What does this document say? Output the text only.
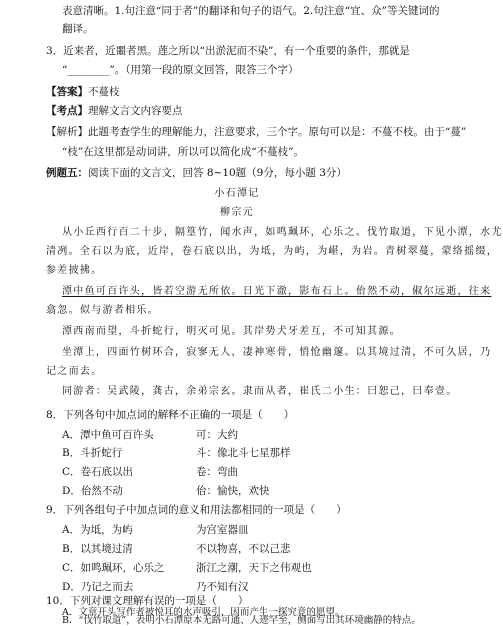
表意清晰。1.句注意“同于者”的翻译和句子的语气。2.句注意“宜、众”等关键词的
翻译。
3．近来者，近噩者黑。莲之所以“出淤泥而不染”，有一个重要的条件，那就是
“________”。（用第一段的原文回答，限答三个字）
【答案】不蔓枝
【考点】理解文言文内容要点
【解析】此题考查学生的理解能力，注意要求，三个字。原句可以是：不蔓不枝。由于“蔓”
“枝”在这里都是动词讲，所以可以简化成“不蔓枝”。
例题五：阅读下面的文言文，回答 8~10题（9分，每小题 3分）
小石潭记
柳宗元
从小丘西行百二十步，隔篁竹，闻水声，如鸣珮环，心乐之。伐竹取道，下见小潭，水尤
清冽。全石以为底，近岸，卷石底以出，为坻，为屿，为嵁，为岩。青树翠蔓，蒙络摇缀，
参差披拂。
潭中鱼可百许头，皆若空游无所依。日光下澈，影布石上。佁然不动，俶尔远逝，往来
翕忽。似与游者相乐。
潭西南而望，斗折蛇行，明灭可见。其岸势犬牙差互，不可知其源。
坐潭上，四面竹树环合，寂寥无人，凄神寒骨，悄怆幽邃。以其境过清，不可久居，乃
记之而去。
同游者：吴武陵，龚古，余弟宗玄。隶而从者，崔氏二小生：曰恕己，曰奉壹。
8．下列各句中加点词的解释不正确的一项是（　　）
A．潭中鱼可百许头	可：大约
B．斗折蛇行	斗：像北斗七星那样
C．卷石底以出	卷：弯曲
D．佁然不动	佁：愉快，欢快
9．下列各组句子中加点词的意义和用法都相同的一项是（　　）
A．为坻，为屿	为宫室器皿
B．以其境过清	不以物喜，不以己悲
C．如鸣珮环，心乐之	浙江之潮，天下之伟观也
D．乃记之而去	乃不知有汉
10．下列对课文理解有误的一项是（　　）
A．文章开头写作者被悦耳的水声吸引，因而产生一探究竟的愿望。
B．“伐竹取道”，表明小石潭原本无路可通、人迹罕至，侧面写出其环境幽静的特点。
